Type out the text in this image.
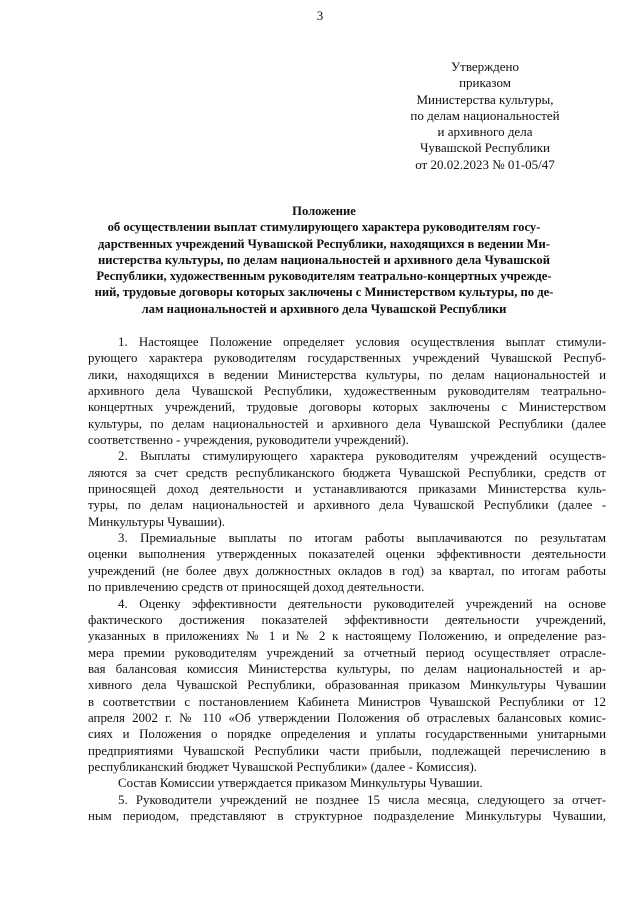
3
Утверждено
приказом
Министерства культуры,
по делам национальностей
и архивного дела
Чувашской Республики
от 20.02.2023 № 01-05/47
Положение
об осуществлении выплат стимулирующего характера руководителям госу-
дарственных учреждений Чувашской Республики, находящихся в ведении Ми-
нистерства культуры, по делам национальностей и архивного дела Чувашской
Республики, художественным руководителям театрально-концертных учрежде-
ний, трудовые договоры которых заключены с Министерством культуры, по де-
лам национальностей и архивного дела Чувашской Республики
1. Настоящее Положение определяет условия осуществления выплат стимули-
рующего характера руководителям государственных учреждений Чувашской Респуб-
лики, находящихся в ведении Министерства культуры, по делам национальностей и
архивного дела Чувашской Республики, художественным руководителям театрально-
концертных учреждений, трудовые договоры которых заключены с Министерством
культуры, по делам национальностей и архивного дела Чувашской Республики (далее
соответственно - учреждения, руководители учреждений).
2. Выплаты стимулирующего характера руководителям учреждений осуществ-
ляются за счет средств республиканского бюджета Чувашской Республики, средств от
приносящей доход деятельности и устанавливаются приказами Министерства куль-
туры, по делам национальностей и архивного дела Чувашской Республики (далее -
Минкультуры Чувашии).
3. Премиальные выплаты по итогам работы выплачиваются по результатам
оценки выполнения утвержденных показателей оценки эффективности деятельности
учреждений (не более двух должностных окладов в год) за квартал, по итогам работы
по привлечению средств от приносящей доход деятельности.
4. Оценку эффективности деятельности руководителей учреждений на основе
фактического достижения показателей эффективности деятельности учреждений,
указанных в приложениях № 1 и № 2 к настоящему Положению, и определение раз-
мера премии руководителям учреждений за отчетный период осуществляет отрасле-
вая балансовая комиссия Министерства культуры, по делам национальностей и ар-
хивного дела Чувашской Республики, образованная приказом Минкультуры Чувашии
в соответствии с постановлением Кабинета Министров Чувашской Республики от 12
апреля 2002 г. № 110 «Об утверждении Положения об отраслевых балансовых комис-
сиях и Положения о порядке определения и уплаты государственными унитарными
предприятиями Чувашской Республики части прибыли, подлежащей перечислению в
республиканский бюджет Чувашской Республики» (далее - Комиссия).
Состав Комиссии утверждается приказом Минкультуры Чувашии.
5. Руководители учреждений не позднее 15 числа месяца, следующего за отчет-
ным периодом, представляют в структурное подразделение Минкультуры Чувашии,
